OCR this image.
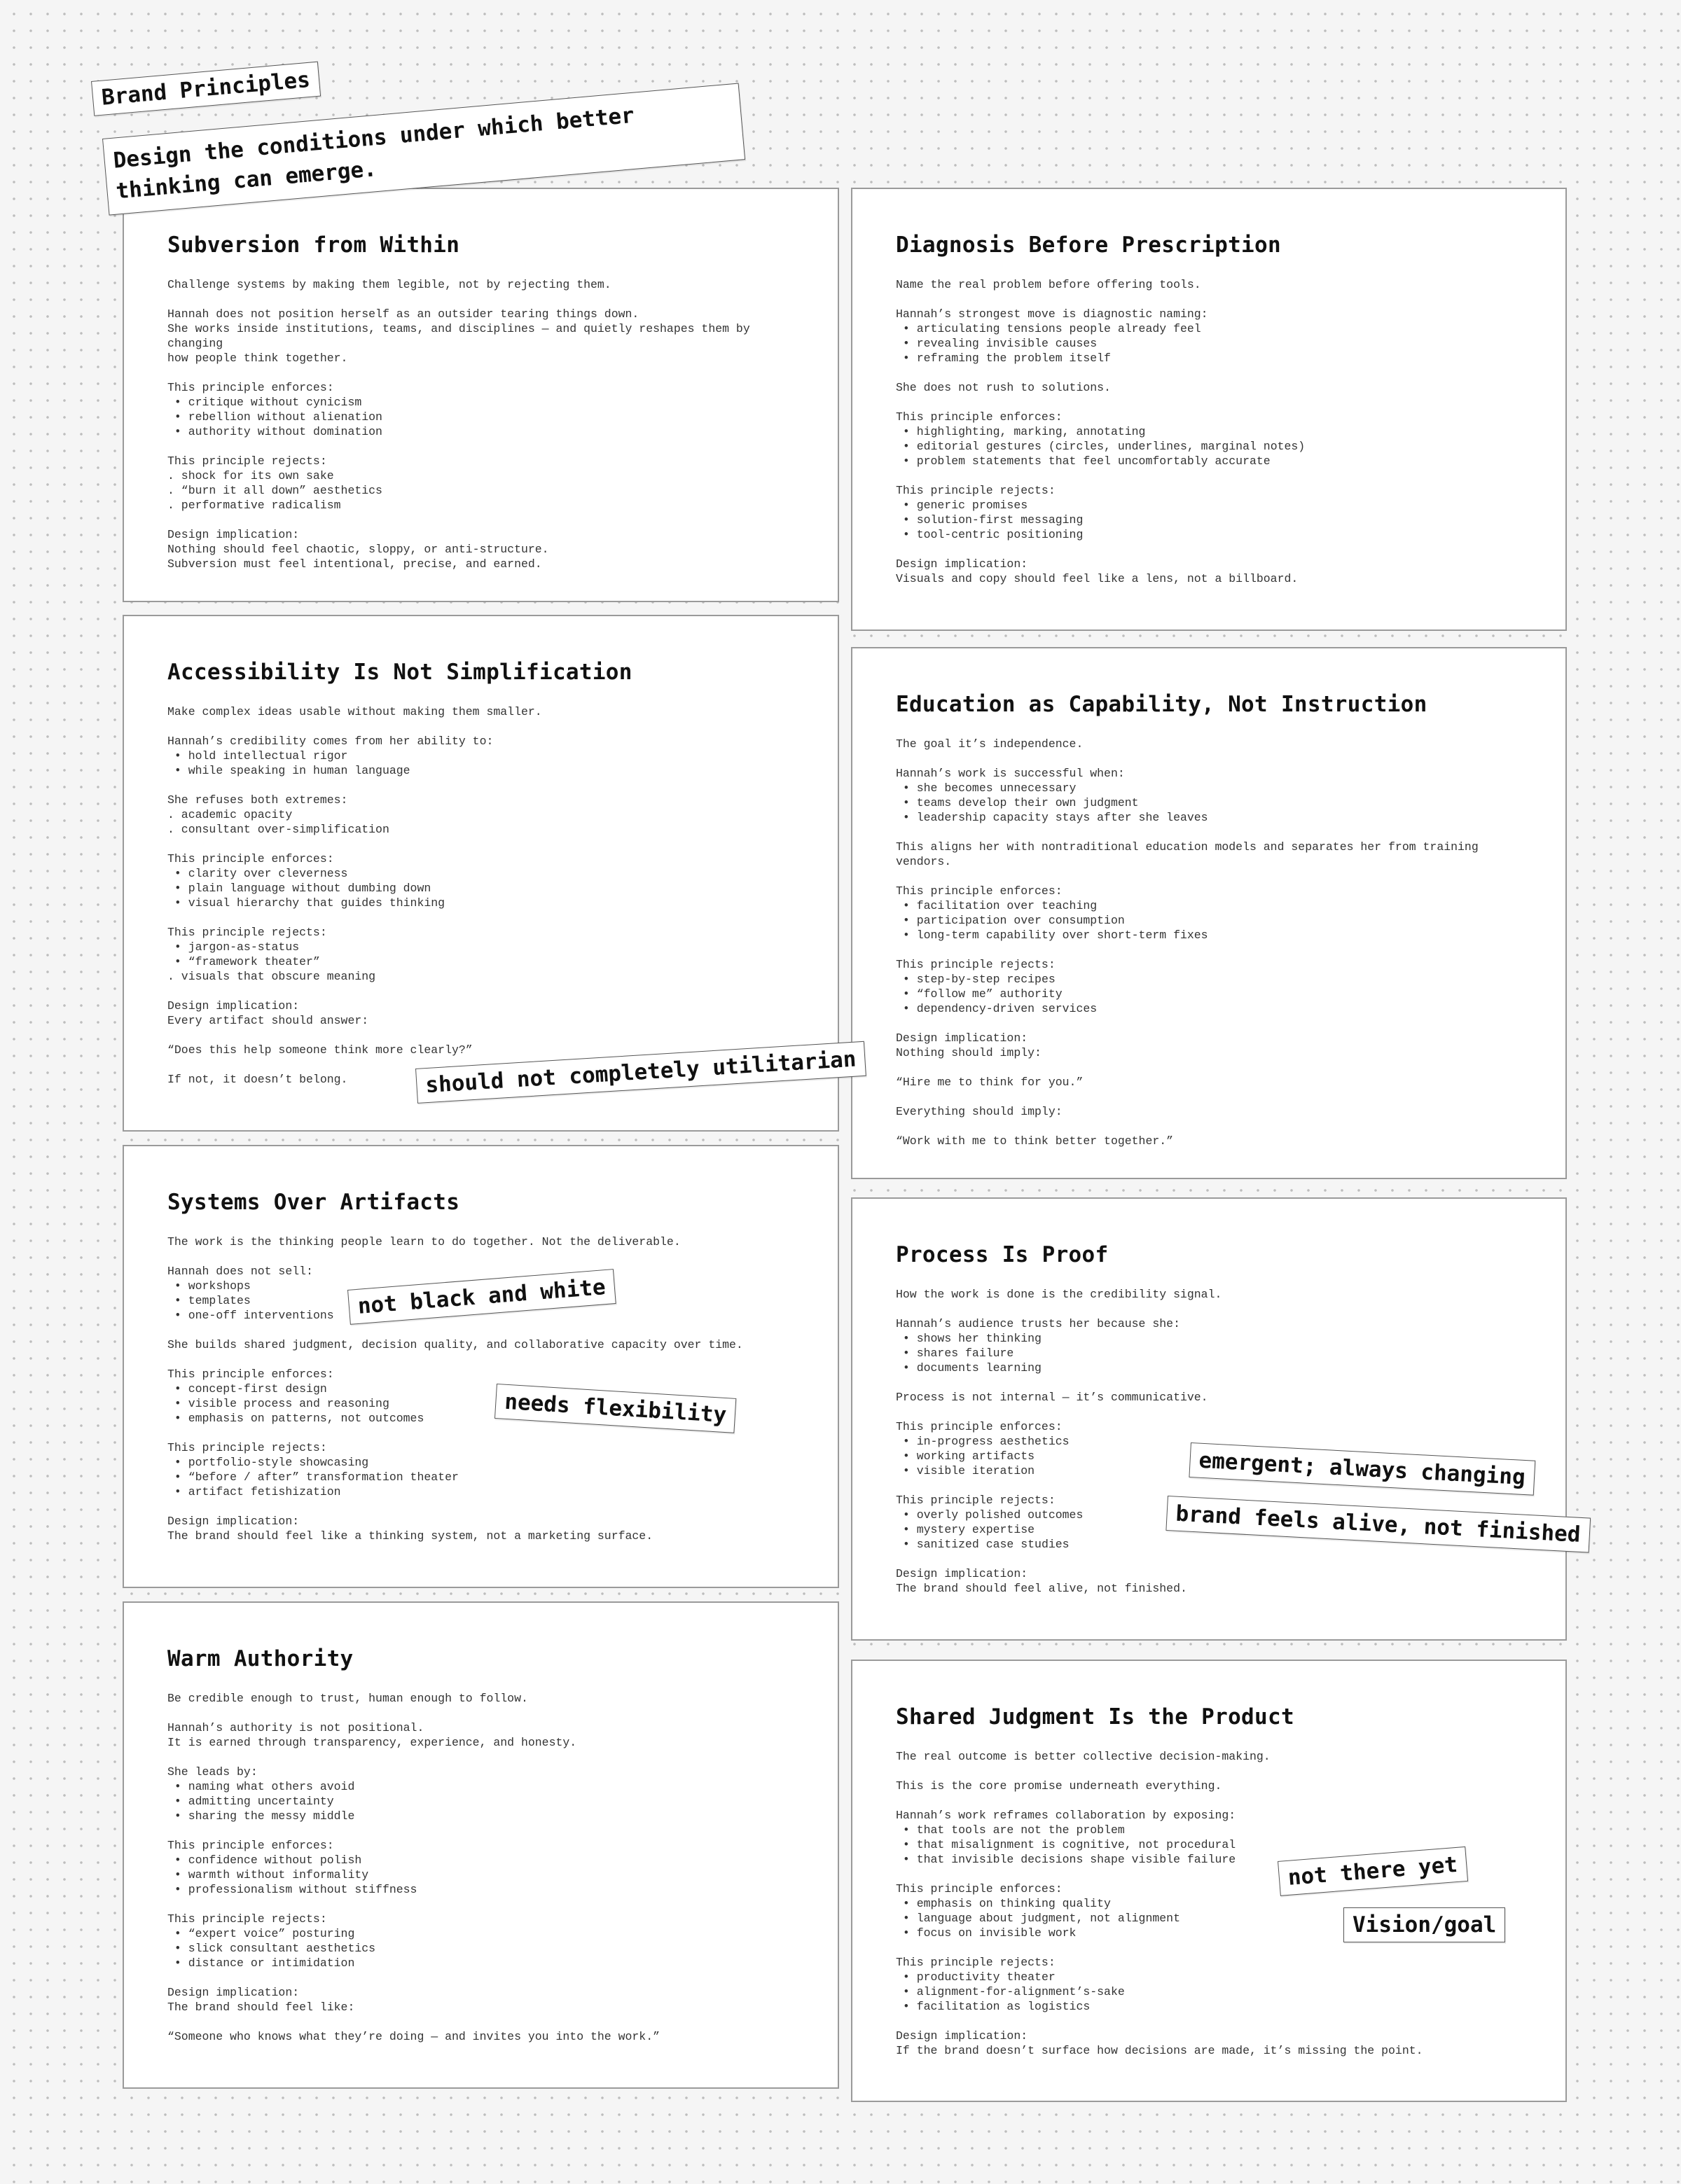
Subversion from Within
Challenge systems by making them legible, not by rejecting them.

Hannah does not position herself as an outsider tearing things down.
She works inside institutions, teams, and disciplines — and quietly reshapes them by changing
how people think together.

This principle enforces:
• critique without cynicism
• rebellion without alienation
• authority without domination

This principle rejects:
. shock for its own sake
. “burn it all down” aesthetics
. performative radicalism

Design implication:
Nothing should feel chaotic, sloppy, or anti-structure.
Subversion must feel intentional, precise, and earned.
Accessibility Is Not Simplification
Make complex ideas usable without making them smaller.

Hannah’s credibility comes from her ability to:
• hold intellectual rigor
• while speaking in human language

She refuses both extremes:
. academic opacity
. consultant over-simplification

This principle enforces:
• clarity over cleverness
• plain language without dumbing down
• visual hierarchy that guides thinking

This principle rejects:
• jargon-as-status
• “framework theater”
. visuals that obscure meaning

Design implication:
Every artifact should answer:

“Does this help someone think more clearly?”

If not, it doesn’t belong.
Systems Over Artifacts
The work is the thinking people learn to do together. Not the deliverable.

Hannah does not sell:
• workshops
• templates
• one-off interventions

She builds shared judgment, decision quality, and collaborative capacity over time.

This principle enforces:
• concept-first design
• visible process and reasoning
• emphasis on patterns, not outcomes

This principle rejects:
• portfolio-style showcasing
• “before / after” transformation theater
• artifact fetishization

Design implication:
The brand should feel like a thinking system, not a marketing surface.
Warm Authority
Be credible enough to trust, human enough to follow.

Hannah’s authority is not positional.
It is earned through transparency, experience, and honesty.

She leads by:
• naming what others avoid
• admitting uncertainty
• sharing the messy middle

This principle enforces:
• confidence without polish
• warmth without informality
• professionalism without stiffness

This principle rejects:
• “expert voice” posturing
• slick consultant aesthetics
• distance or intimidation

Design implication:
The brand should feel like:

“Someone who knows what they’re doing — and invites you into the work.”
Diagnosis Before Prescription
Name the real problem before offering tools.

Hannah’s strongest move is diagnostic naming:
• articulating tensions people already feel
• revealing invisible causes
• reframing the problem itself

She does not rush to solutions.

This principle enforces:
• highlighting, marking, annotating
• editorial gestures (circles, underlines, marginal notes)
• problem statements that feel uncomfortably accurate

This principle rejects:
• generic promises
• solution-first messaging
• tool-centric positioning

Design implication:
Visuals and copy should feel like a lens, not a billboard.
Education as Capability, Not Instruction
The goal it’s independence.

Hannah’s work is successful when:
• she becomes unnecessary
• teams develop their own judgment
• leadership capacity stays after she leaves

This aligns her with nontraditional education models and separates her from training vendors.

This principle enforces:
• facilitation over teaching
• participation over consumption
• long-term capability over short-term fixes

This principle rejects:
• step-by-step recipes
• “follow me” authority
• dependency-driven services

Design implication:
Nothing should imply:

“Hire me to think for you.”

Everything should imply:

“Work with me to think better together.”
Process Is Proof
How the work is done is the credibility signal.

Hannah’s audience trusts her because she:
• shows her thinking
• shares failure
• documents learning

Process is not internal — it’s communicative.

This principle enforces:
• in-progress aesthetics
• working artifacts
• visible iteration

This principle rejects:
• overly polished outcomes
• mystery expertise
• sanitized case studies

Design implication:
The brand should feel alive, not finished.
Shared Judgment Is the Product
The real outcome is better collective decision-making.

This is the core promise underneath everything.

Hannah’s work reframes collaboration by exposing:
• that tools are not the problem
• that misalignment is cognitive, not procedural
• that invisible decisions shape visible failure

This principle enforces:
• emphasis on thinking quality
• language about judgment, not alignment
• focus on invisible work

This principle rejects:
• productivity theater
• alignment-for-alignment’s-sake
• facilitation as logistics

Design implication:
If the brand doesn’t surface how decisions are made, it’s missing the point.
Brand Principles
Design the conditions under which better
thinking can emerge.
should not completely utilitarian
not black and white
needs flexibility
emergent; always changing
brand feels alive, not finished
not there yet
Vision/goal
